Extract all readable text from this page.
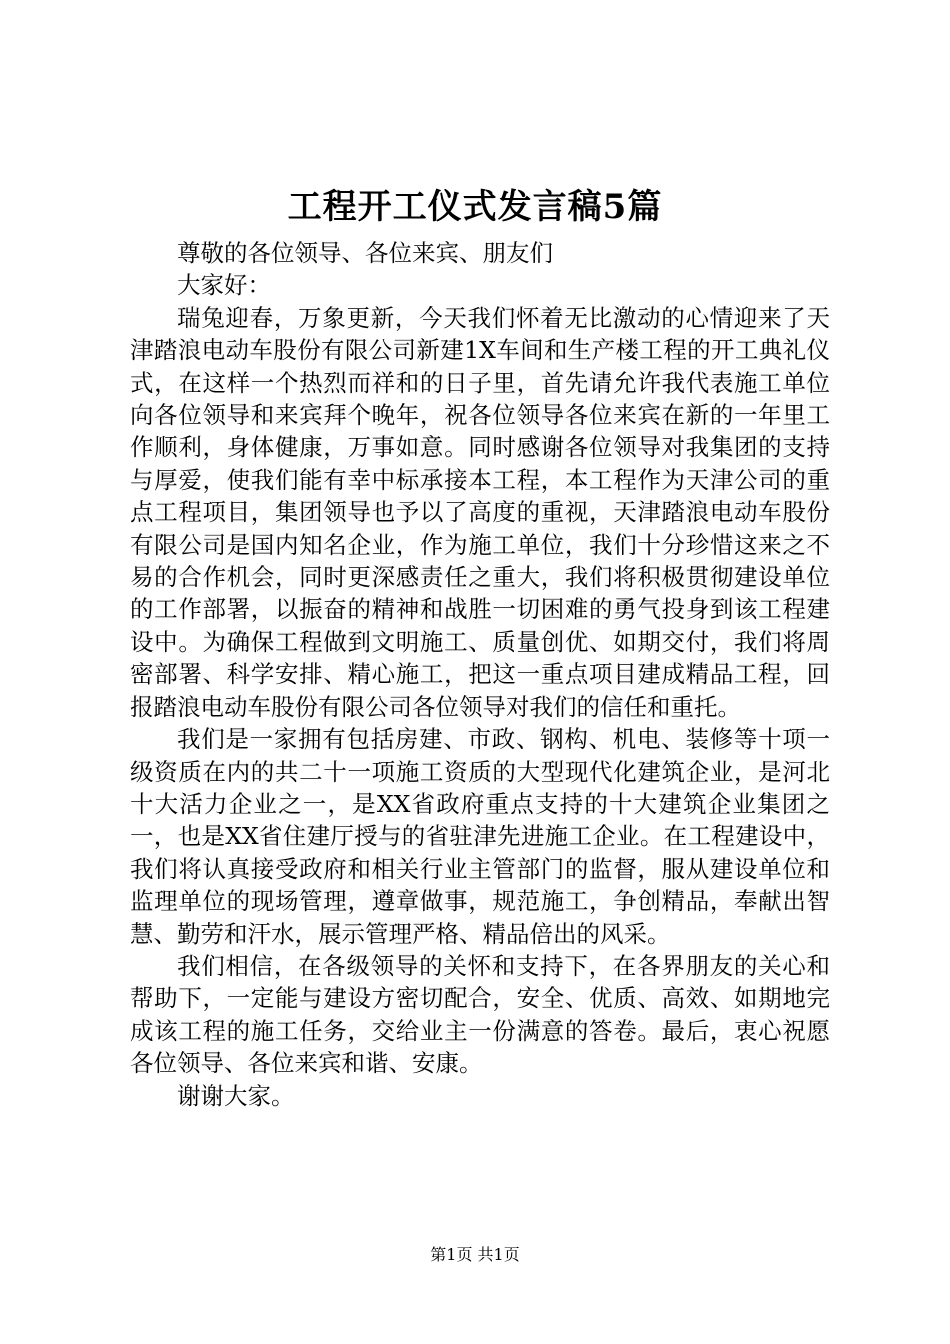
工程开工仪式发言稿5篇

尊敬的各位领导、各位来宾、朋友们

大家好：

瑞兔迎春，万象更新，今天我们怀着无比激动的心情迎来了天津踏浪电动车股份有限公司新建1X车间和生产楼工程的开工典礼仪式，在这样一个热烈而祥和的日子里，首先请允许我代表施工单位向各位领导和来宾拜个晚年，祝各位领导各位来宾在新的一年里工作顺利，身体健康，万事如意。同时感谢各位领导对我集团的支持与厚爱，使我们能有幸中标承接本工程，本工程作为天津公司的重点工程项目，集团领导也予以了高度的重视，天津踏浪电动车股份有限公司是国内知名企业，作为施工单位，我们十分珍惜这来之不易的合作机会，同时更深感责任之重大，我们将积极贯彻建设单位的工作部署，以振奋的精神和战胜一切困难的勇气投身到该工程建设中。为确保工程做到文明施工、质量创优、如期交付，我们将周密部署、科学安排、精心施工，把这一重点项目建成精品工程，回报踏浪电动车股份有限公司各位领导对我们的信任和重托。

我们是一家拥有包括房建、市政、钢构、机电、装修等十项一级资质在内的共二十一项施工资质的大型现代化建筑企业，是河北十大活力企业之一，是XX省政府重点支持的十大建筑企业集团之一，也是XX省住建厅授与的省驻津先进施工企业。在工程建设中，我们将认真接受政府和相关行业主管部门的监督，服从建设单位和监理单位的现场管理，遵章做事，规范施工，争创精品，奉献出智慧、勤劳和汗水，展示管理严格、精品倍出的风采。

我们相信，在各级领导的关怀和支持下，在各界朋友的关心和帮助下，一定能与建设方密切配合，安全、优质、高效、如期地完成该工程的施工任务，交给业主一份满意的答卷。最后，衷心祝愿各位领导、各位来宾和谐、安康。

谢谢大家。

第1页 共1页
